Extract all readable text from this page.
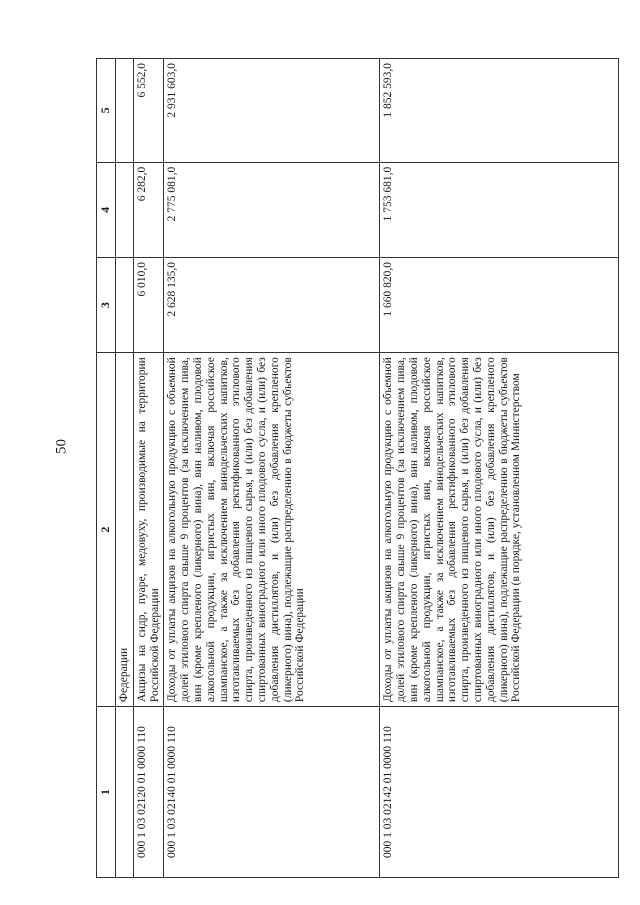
50
1	2	3	4	5
	Федерации			
000 1 03 02120 01 0000 110	Акцизы на сидр, пуаре, медовуху, производимые на территории Российской Федерации	6 010,0	6 282,0	6 552,0
000 1 03 02140 01 0000 110	Доходы от уплаты акцизов на алкогольную продукцию с объемной долей этилового спирта свыше 9 процентов (за исключением пива, вин (кроме крепленого (ликерного) вина), вин наливом, плодовой алкогольной продукции, игристых вин, включая российское шампанское, а также за исключением винодельческих напитков, изготавливаемых без добавления ректификованного этилового спирта, произведенного из пищевого сырья, и (или) без добавления спиртованных виноградного или иного плодового сусла, и (или) без добавления дистиллятов, и (или) без добавления крепленого (ликерного) вина), подлежащие распределению в бюджеты субъектов Российской Федерации	2 628 135,0	2 775 081,0	2 931 603,0
000 1 03 02142 01 0000 110	Доходы от уплаты акцизов на алкогольную продукцию с объемной долей этилового спирта свыше 9 процентов (за исключением пива, вин (кроме крепленого (ликерного) вина), вин наливом, плодовой алкогольной продукции, игристых вин, включая российское шампанское, а также за исключением винодельческих напитков, изготавливаемых без добавления ректификованного этилового спирта, произведенного из пищевого сырья, и (или) без добавления спиртованных виноградного или иного плодового сусла, и (или) без добавления дистиллятов, и (или) без добавления крепленого (ликерного) вина), подлежащие распределению в бюджеты субъектов Российской Федерации (в порядке, установленном Министерством	1 660 820,0	1 753 681,0	1 852 593,0
